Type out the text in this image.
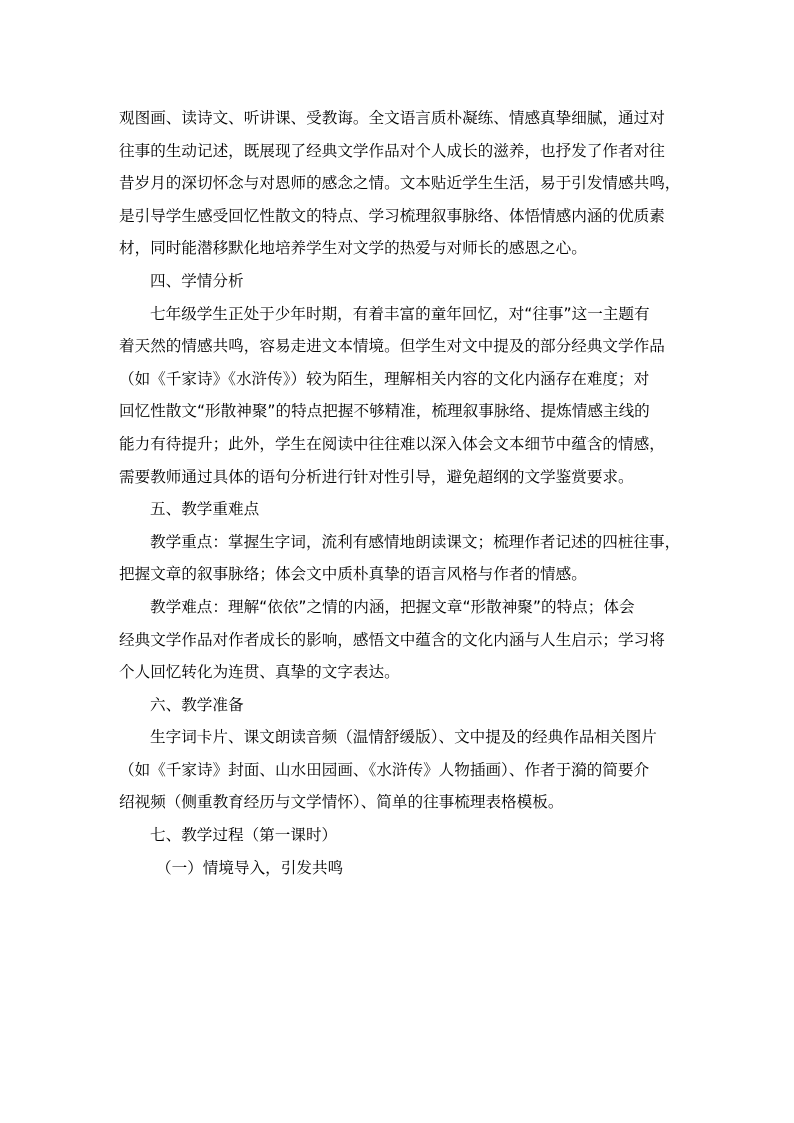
观图画、读诗文、听讲课、受教诲。全文语言质朴凝练、情感真挚细腻，通过对
往事的生动记述，既展现了经典文学作品对个人成长的滋养，也抒发了作者对往
昔岁月的深切怀念与对恩师的感念之情。文本贴近学生生活，易于引发情感共鸣，
是引导学生感受回忆性散文的特点、学习梳理叙事脉络、体悟情感内涵的优质素
材，同时能潜移默化地培养学生对文学的热爱与对师长的感恩之心。

四、学情分析

七年级学生正处于少年时期，有着丰富的童年回忆，对“往事”这一主题有
着天然的情感共鸣，容易走进文本情境。但学生对文中提及的部分经典文学作品
（如《千家诗》《水浒传》）较为陌生，理解相关内容的文化内涵存在难度；对
回忆性散文“形散神聚”的特点把握不够精准，梳理叙事脉络、提炼情感主线的
能力有待提升；此外，学生在阅读中往往难以深入体会文本细节中蕴含的情感，
需要教师通过具体的语句分析进行针对性引导，避免超纲的文学鉴赏要求。

五、教学重难点

教学重点：掌握生字词，流利有感情地朗读课文；梳理作者记述的四桩往事，
把握文章的叙事脉络；体会文中质朴真挚的语言风格与作者的情感。

教学难点：理解“依依”之情的内涵，把握文章“形散神聚”的特点；体会
经典文学作品对作者成长的影响，感悟文中蕴含的文化内涵与人生启示；学习将
个人回忆转化为连贯、真挚的文字表达。

六、教学准备

生字词卡片、课文朗读音频（温情舒缓版）、文中提及的经典作品相关图片
（如《千家诗》封面、山水田园画、《水浒传》人物插画）、作者于漪的简要介
绍视频（侧重教育经历与文学情怀）、简单的往事梳理表格模板。

七、教学过程（第一课时）

（一）情境导入，引发共鸣
